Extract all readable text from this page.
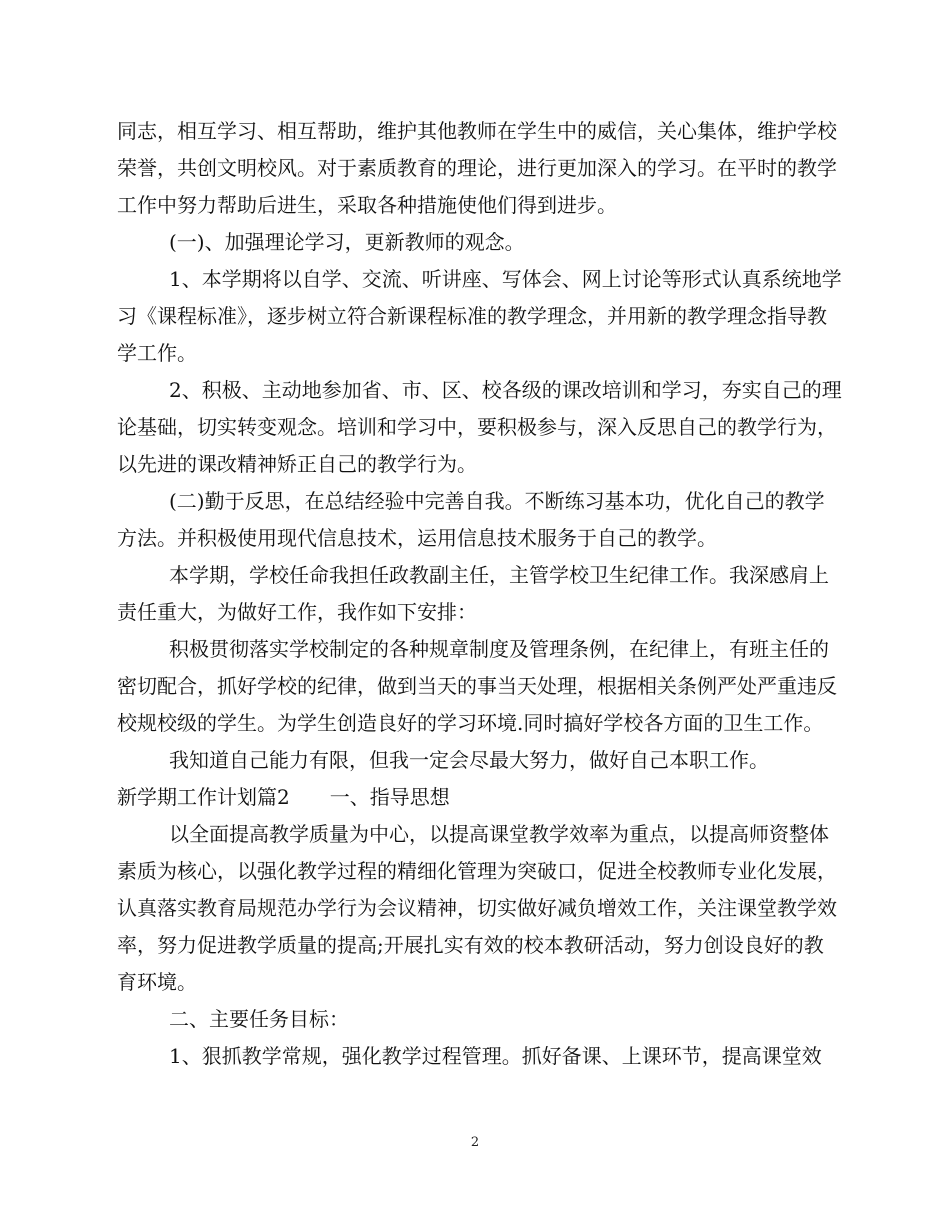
同志，相互学习、相互帮助，维护其他教师在学生中的威信，关心集体，维护学校荣誉，共创文明校风。对于素质教育的理论，进行更加深入的学习。在平时的教学工作中努力帮助后进生，采取各种措施使他们得到进步。

(一)、加强理论学习，更新教师的观念。

1、本学期将以自学、交流、听讲座、写体会、网上讨论等形式认真系统地学习《课程标准》，逐步树立符合新课程标准的教学理念，并用新的教学理念指导教学工作。

2、积极、主动地参加省、市、区、校各级的课改培训和学习，夯实自己的理论基础，切实转变观念。培训和学习中，要积极参与，深入反思自己的教学行为，以先进的课改精神矫正自己的教学行为。

(二)勤于反思，在总结经验中完善自我。不断练习基本功，优化自己的教学方法。并积极使用现代信息技术，运用信息技术服务于自己的教学。

本学期，学校任命我担任政教副主任，主管学校卫生纪律工作。我深感肩上责任重大，为做好工作，我作如下安排：

积极贯彻落实学校制定的各种规章制度及管理条例，在纪律上，有班主任的密切配合，抓好学校的纪律，做到当天的事当天处理，根据相关条例严处严重违反校规校级的学生。为学生创造良好的学习环境.同时搞好学校各方面的卫生工作。

我知道自己能力有限，但我一定会尽最大努力，做好自己本职工作。

新学期工作计划篇2　　一、指导思想

以全面提高教学质量为中心，以提高课堂教学效率为重点，以提高师资整体素质为核心，以强化教学过程的精细化管理为突破口，促进全校教师专业化发展，认真落实教育局规范办学行为会议精神，切实做好减负增效工作，关注课堂教学效率，努力促进教学质量的提高;开展扎实有效的校本教研活动，努力创设良好的教育环境。

二、主要任务目标：

1、狠抓教学常规，强化教学过程管理。抓好备课、上课环节，提高课堂效

2
